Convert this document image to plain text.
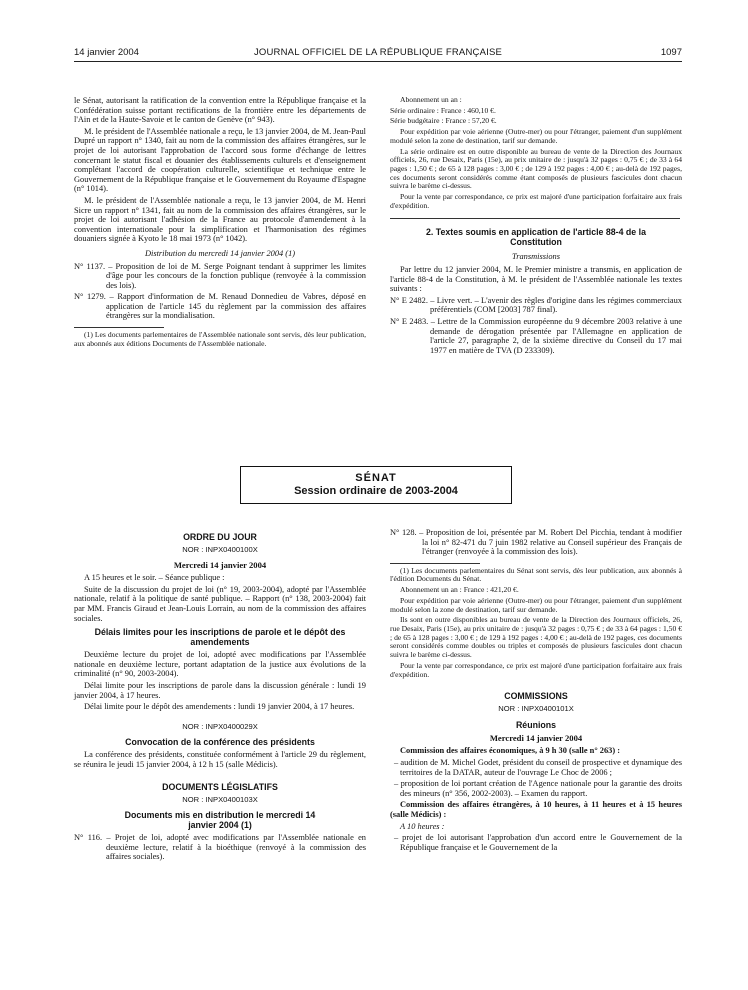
14 janvier 2004	JOURNAL OFFICIEL DE LA RÉPUBLIQUE FRANÇAISE	1097

le Sénat, autorisant la ratification de la convention entre la République française et la Confédération suisse portant rectifications de la frontière entre les départements de l'Ain et de la Haute-Savoie et le canton de Genève (n° 943).

M. le président de l'Assemblée nationale a reçu, le 13 janvier 2004, de M. Jean-Paul Dupré un rapport n° 1340, fait au nom de la commission des affaires étrangères, sur le projet de loi autorisant l'approbation de l'accord sous forme d'échange de lettres concernant le statut fiscal et douanier des établissements culturels et d'enseignement complétant l'accord de coopération culturelle, scientifique et technique entre le Gouvernement de la République française et le Gouvernement du Royaume d'Espagne (n° 1014).

M. le président de l'Assemblée nationale a reçu, le 13 janvier 2004, de M. Henri Sicre un rapport n° 1341, fait au nom de la commission des affaires étrangères, sur le projet de loi autorisant l'adhésion de la France au protocole d'amendement à la convention internationale pour la simplification et l'harmonisation des régimes douaniers signée à Kyoto le 18 mai 1973 (n° 1042).

Distribution du mercredi 14 janvier 2004 (1)

N° 1137. – Proposition de loi de M. Serge Poignant tendant à supprimer les limites d'âge pour les concours de la fonction publique (renvoyée à la commission des lois).

N° 1279. – Rapport d'information de M. Renaud Donnedieu de Vabres, déposé en application de l'article 145 du règlement par la commission des affaires étrangères sur la mondialisation.

(1) Les documents parlementaires de l'Assemblée nationale sont servis, dès leur publication, aux abonnés aux éditions Documents de l'Assemblée nationale.

Abonnement un an :

Série ordinaire : France : 460,10 €.

Série budgétaire : France : 57,20 €.

Pour expédition par voie aérienne (Outre-mer) ou pour l'étranger, paiement d'un supplément modulé selon la zone de destination, tarif sur demande.

La série ordinaire est en outre disponible au bureau de vente de la Direction des Journaux officiels, 26, rue Desaix, Paris (15e), au prix unitaire de : jusqu'à 32 pages : 0,75 € ; de 33 à 64 pages : 1,50 € ; de 65 à 128 pages : 3,00 € ; de 129 à 192 pages : 4,00 € ; au-delà de 192 pages, ces documents seront considérés comme étant composés de plusieurs fascicules dont chacun suivra le barème ci-dessus.

Pour la vente par correspondance, ce prix est majoré d'une participation forfaitaire aux frais d'expédition.

2. Textes soumis en application de l'article 88-4 de la Constitution

Transmissions

Par lettre du 12 janvier 2004, M. le Premier ministre a transmis, en application de l'article 88-4 de la Constitution, à M. le président de l'Assemblée nationale les textes suivants :

N° E 2482. – Livre vert. – L'avenir des règles d'origine dans les régimes commerciaux préférentiels (COM [2003] 787 final).

N° E 2483. – Lettre de la Commission européenne du 9 décembre 2003 relative à une demande de dérogation présentée par l'Allemagne en application de l'article 27, paragraphe 2, de la sixième directive du Conseil du 17 mai 1977 en matière de TVA (D 233309).

SÉNAT
Session ordinaire de 2003-2004
ORDRE DU JOUR
NOR : INPX0400100X
Mercredi 14 janvier 2004

A 15 heures et le soir. – Séance publique :

Suite de la discussion du projet de loi (n° 19, 2003-2004), adopté par l'Assemblée nationale, relatif à la politique de santé publique. – Rapport (n° 138, 2003-2004) fait par MM. Francis Giraud et Jean-Louis Lorrain, au nom de la commission des affaires sociales.

Délais limites pour les inscriptions de parole et le dépôt des amendements

Deuxième lecture du projet de loi, adopté avec modifications par l'Assemblée nationale en deuxième lecture, portant adaptation de la justice aux évolutions de la criminalité (n° 90, 2003-2004).

Délai limite pour les inscriptions de parole dans la discussion générale : lundi 19 janvier 2004, à 17 heures.

Délai limite pour le dépôt des amendements : lundi 19 janvier 2004, à 17 heures.

NOR : INPX0400029X
Convocation de la conférence des présidents

La conférence des présidents, constituée conformément à l'article 29 du règlement, se réunira le jeudi 15 janvier 2004, à 12 h 15 (salle Médicis).

DOCUMENTS LÉGISLATIFS
NOR : INPX0400103X
Documents mis en distribution le mercredi 14 janvier 2004 (1)

N° 116. – Projet de loi, adopté avec modifications par l'Assemblée nationale en deuxième lecture, relatif à la bioéthique (renvoyé à la commission des affaires sociales).

N° 128. – Proposition de loi, présentée par M. Robert Del Picchia, tendant à modifier la loi n° 82-471 du 7 juin 1982 relative au Conseil supérieur des Français de l'étranger (renvoyée à la commission des lois).

(1) Les documents parlementaires du Sénat sont servis, dès leur publication, aux abonnés à l'édition Documents du Sénat.

Abonnement un an : France : 421,20 €.

Pour expédition par voie aérienne (Outre-mer) ou pour l'étranger, paiement d'un supplément modulé selon la zone de destination, tarif sur demande.

Ils sont en outre disponibles au bureau de vente de la Direction des Journaux officiels, 26, rue Desaix, Paris (15e), au prix unitaire de : jusqu'à 32 pages : 0,75 € ; de 33 à 64 pages : 1,50 € ; de 65 à 128 pages : 3,00 € ; de 129 à 192 pages : 4,00 € ; au-delà de 192 pages, ces documents seront considérés comme doubles ou triples et composés de plusieurs fascicules dont chacun suivra le barème ci-dessus.

Pour la vente par correspondance, ce prix est majoré d'une participation forfaitaire aux frais d'expédition.

COMMISSIONS
NOR : INPX0400101X
Réunions
Mercredi 14 janvier 2004

Commission des affaires économiques, à 9 h 30 (salle n° 263) :

– audition de M. Michel Godet, président du conseil de prospective et dynamique des territoires de la DATAR, auteur de l'ouvrage Le Choc de 2006 ;

– proposition de loi portant création de l'Agence nationale pour la garantie des droits des mineurs (n° 356, 2002-2003). – Examen du rapport.

Commission des affaires étrangères, à 10 heures, à 11 heures et à 15 heures (salle Médicis) :

A 10 heures :

– projet de loi autorisant l'approbation d'un accord entre le Gouvernement de la République française et le Gouvernement de la
